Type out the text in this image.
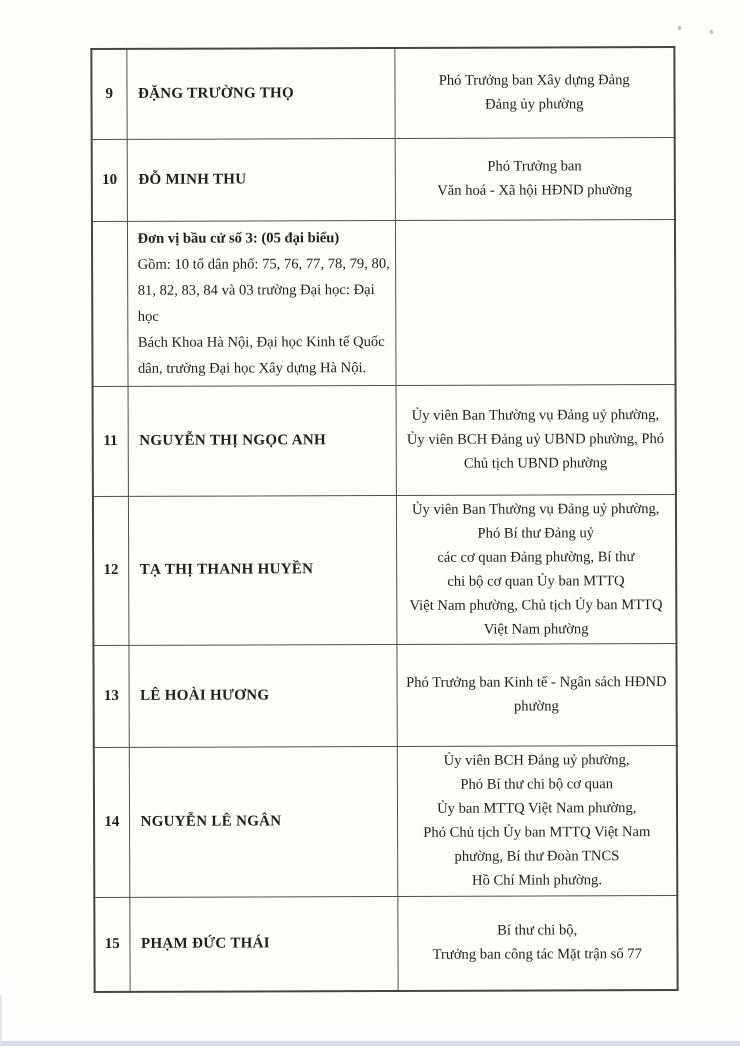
9	ĐẶNG TRƯỜNG THỌ	Phó Trưởng ban Xây dựng Đảng
Đảng ủy phường
10	ĐỖ MINH THU	Phó Trưởng ban
Văn hoá - Xã hội HĐND phường

	Đơn vị bầu cử số 3: (05 đại biểu)
Gồm: 10 tổ dân phố: 75, 76, 77, 78, 79, 80,
81, 82, 83, 84 và 03 trường Đại học: Đại học
Bách Khoa Hà Nội, Đại học Kinh tế Quốc
dân, trường Đại học Xây dựng Hà Nội.	

11	NGUYỄN THỊ NGỌC ANH	Ủy viên Ban Thường vụ Đảng uỷ phường,
Ủy viên BCH Đảng uỷ UBND phường, Phó
Chủ tịch UBND phường
12	TẠ THỊ THANH HUYỀN	Ủy viên Ban Thường vụ Đảng uỷ phường,
Phó Bí thư Đảng uỷ
các cơ quan Đảng phường, Bí thư
chi bộ cơ quan Ủy ban MTTQ
Việt Nam phường, Chủ tịch Ủy ban MTTQ
Việt Nam phường
13	LÊ HOÀI HƯƠNG	Phó Trưởng ban Kinh tế - Ngân sách HĐND
phường
14	NGUYỄN LÊ NGÂN	Ủy viên BCH Đảng uỷ phường,
Phó Bí thư chi bộ cơ quan
Ủy ban MTTQ Việt Nam phường,
Phó Chủ tịch Ủy ban MTTQ Việt Nam
phường, Bí thư Đoàn TNCS
Hồ Chí Minh phường.
15	PHẠM ĐỨC THÁI	Bí thư chi bộ,
Trưởng ban công tác Mặt trận số 77
